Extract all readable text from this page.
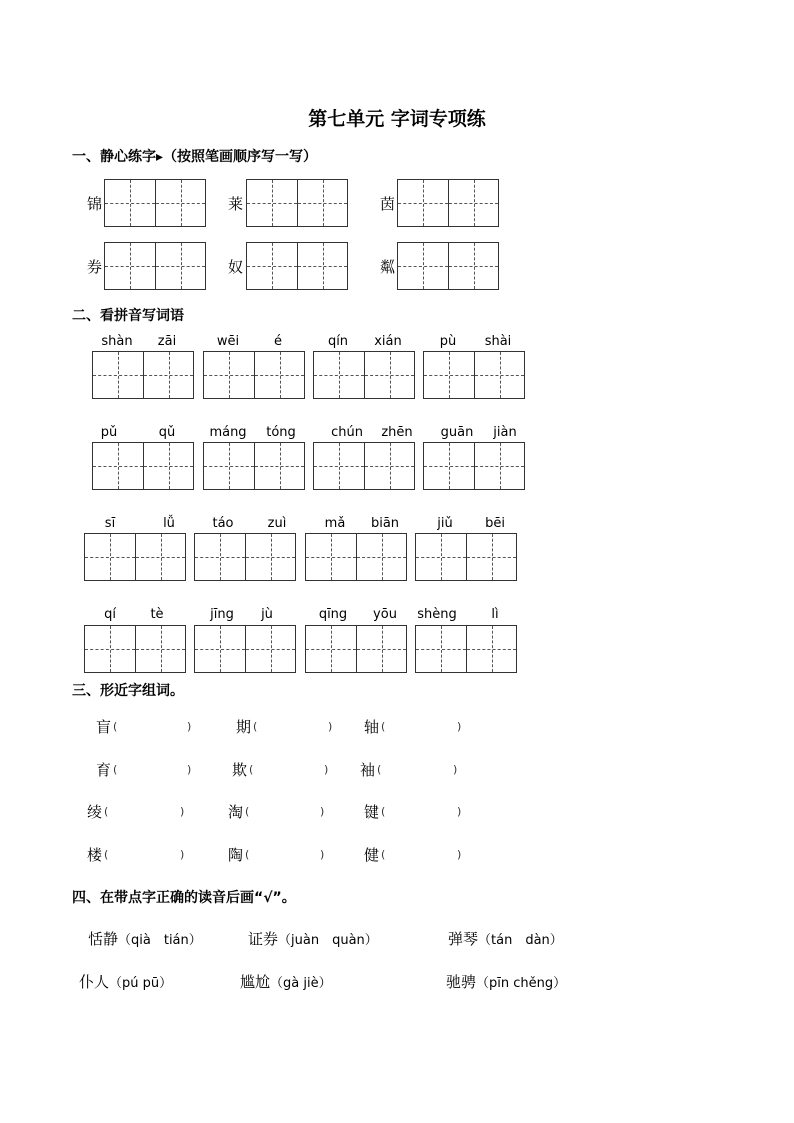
第七单元 字词专项练
一、静心练字▸（按照笔画顺序写一写）
锦	莱	茵
券	奴	粼
二、看拼音写词语
shàn	zāi	wēi	é	qín	xián	pù	shài
pǔ	qǔ	máng	tóng	chún	zhēn	guān	jiàn
sī	lǚ	táo	zuì	mǎ	biān	jiǔ	bēi
qí	tè	jīng	jù	qīng	yōu	shèng	lì
三、形近字组词。
盲 (	)	期 (	) 轴 (	)
育 (	)	欺 (	) 袖 (	)
绫 (	)	淘 (	)	键 (	)
楼 (	)	陶 (	)	健 (	)
四、在带点字正确的读音后画“√”。
恬静（qià　tián）	证券（juàn　quàn）	弹琴（tán　dàn）
仆人（pú pū）	尴尬（gà jiè）	驰骋（pīn chěng）
